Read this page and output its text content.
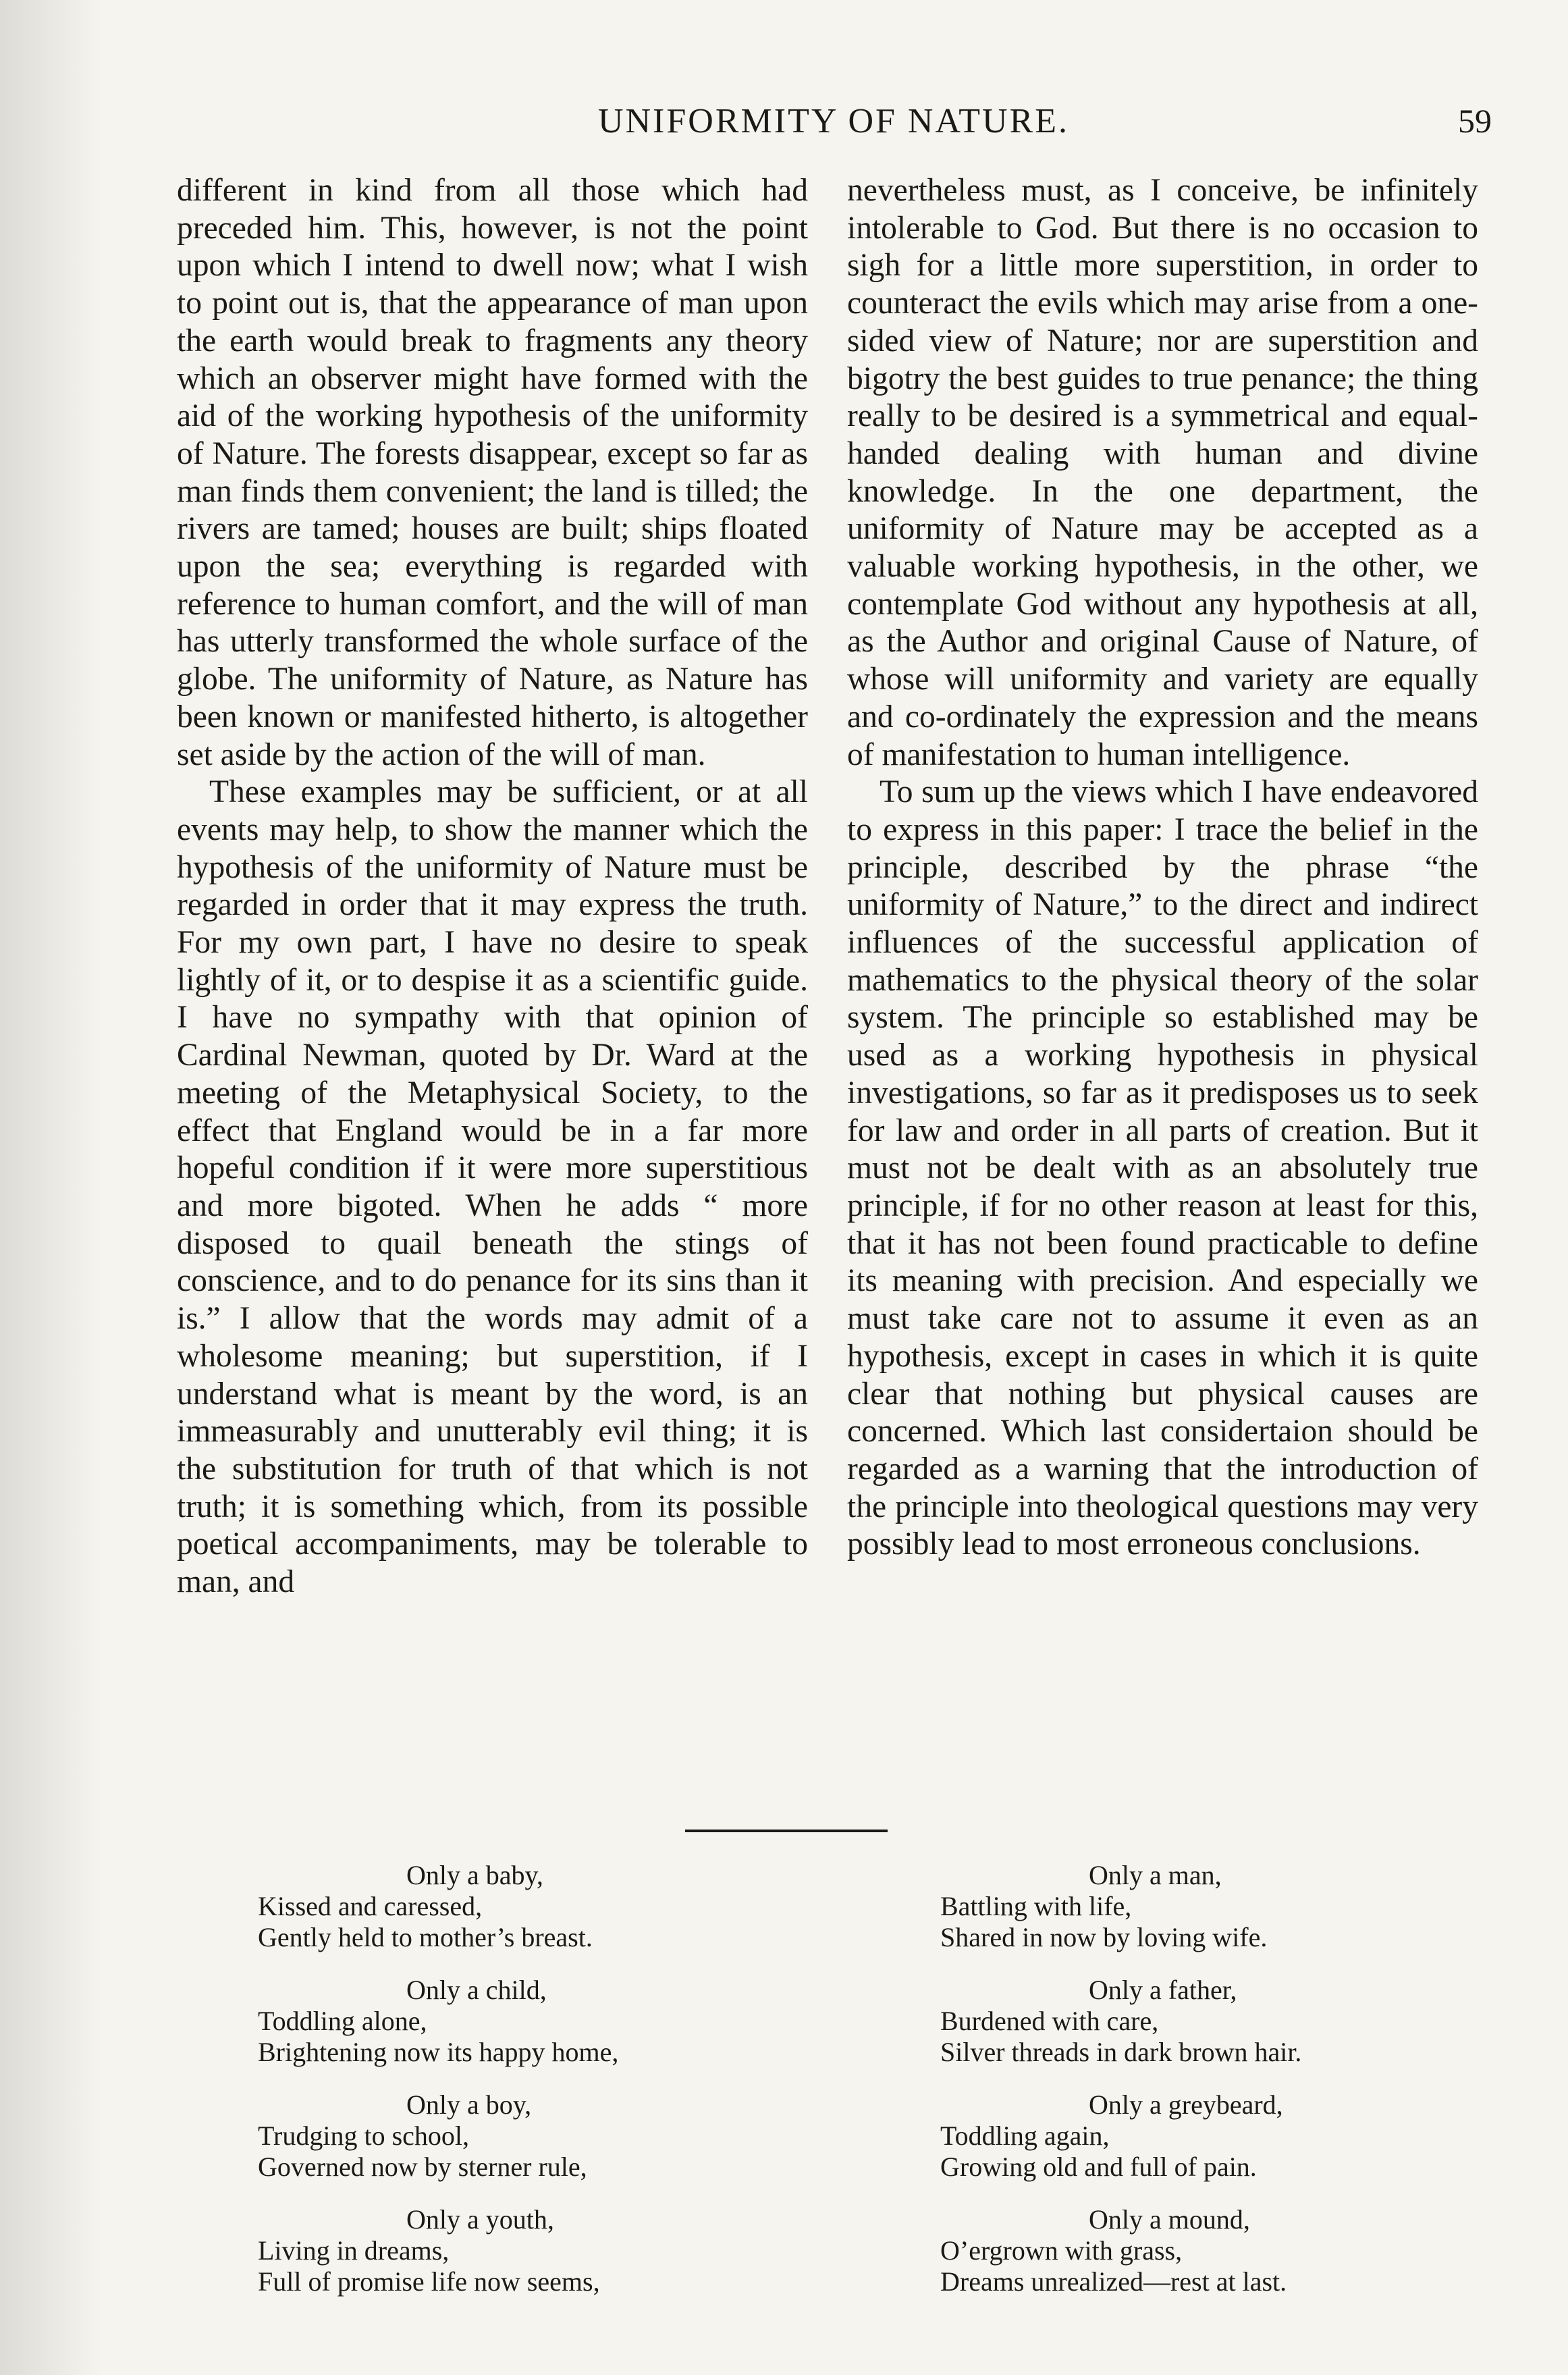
UNIFORMITY OF NATURE.	59

different in kind from all those which had preceded him. This, however, is not the point upon which I intend to dwell now; what I wish to point out is, that the appearance of man upon the earth would break to fragments any theory which an observer might have formed with the aid of the working hypothesis of the uniformity of Nature. The forests disappear, except so far as man finds them convenient; the land is tilled; the rivers are tamed; houses are built; ships floated upon the sea; everything is regarded with reference to human comfort, and the will of man has utterly transformed the whole surface of the globe. The uniformity of Nature, as Nature has been known or manifested hitherto, is altogether set aside by the action of the will of man.

These examples may be sufficient, or at all events may help, to show the manner which the hypothesis of the uniformity of Nature must be regarded in order that it may express the truth. For my own part, I have no desire to speak lightly of it, or to despise it as a scientific guide. I have no sympathy with that opinion of Cardinal Newman, quoted by Dr. Ward at the meeting of the Metaphysical Society, to the effect that England would be in a far more hopeful condition if it were more superstitious and more bigoted. When he adds “ more disposed to quail beneath the stings of conscience, and to do penance for its sins than it is.” I allow that the words may admit of a wholesome meaning; but superstition, if I understand what is meant by the word, is an immeasurably and unutterably evil thing; it is the substitution for truth of that which is not truth; it is something which, from its possible poetical accompaniments, may be tolerable to man, and

nevertheless must, as I conceive, be infinitely intolerable to God. But there is no occasion to sigh for a little more superstition, in order to counteract the evils which may arise from a one-sided view of Nature; nor are superstition and bigotry the best guides to true penance; the thing really to be desired is a symmetrical and equal-handed dealing with human and divine knowledge. In the one department, the uniformity of Nature may be accepted as a valuable working hypothesis, in the other, we contemplate God without any hypothesis at all, as the Author and original Cause of Nature, of whose will uniformity and variety are equally and co-ordinately the expression and the means of manifestation to human intelligence.

To sum up the views which I have endeavored to express in this paper: I trace the belief in the principle, described by the phrase “the uniformity of Nature,” to the direct and indirect influences of the successful application of mathematics to the physical theory of the solar system. The principle so established may be used as a working hypothesis in physical investigations, so far as it predisposes us to seek for law and order in all parts of creation. But it must not be dealt with as an absolutely true principle, if for no other reason at least for this, that it has not been found practicable to define its meaning with precision. And especially we must take care not to assume it even as an hypothesis, except in cases in which it is quite clear that nothing but physical causes are concerned. Which last considertaion should be regarded as a warning that the introduction of the principle into theological questions may very possibly lead to most erroneous conclusions.

Only a baby,
Kissed and caressed,
Gently held to mother’s breast.
Only a child,
Toddling alone,
Brightening now its happy home,
Only a boy,
Trudging to school,
Governed now by sterner rule,
Only a youth,
Living in dreams,
Full of promise life now seems,
Only a man,
Battling with life,
Shared in now by loving wife.
Only a father,
Burdened with care,
Silver threads in dark brown hair.
Only a greybeard,
Toddling again,
Growing old and full of pain.
Only a mound,
O’ergrown with grass,
Dreams unrealized—rest at last.
